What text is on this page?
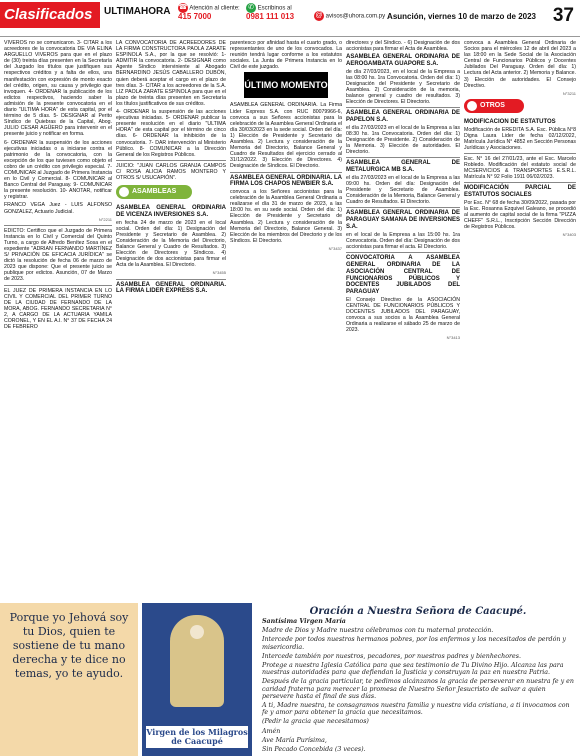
Clasificados	ULTIMAHORA ☎ Atención al cliente:
415 7000
✆ Escribinos al
0981 111 013	@ avisos@uhora.com.py Asunción, viernes 10 de marzo de 2023 37

VIVEROS no se comunicaron. 3- CITAR a los acreedores de la convocatoria DE VIA ELINA ARGUELLO VIVEROS para que en el plazo de (30) treinta días presenten en la Secretaría del Juzgado los títulos que justifiquen sus respectivos créditos y a falta de ellos, una manifestación con expresión de monto exacto del crédito, origen, su causa y privilegio que invoquen. 4- ORDENAR la publicación de los edictos respectivos, haciendo saber la admisión de la presente convocatoria en el diario "ULTIMA HORA" de esta capital, por el término de 5 días. 5- DESIGNAR al Perito Síndico de Quiebras de la Capital, Abog. JULIO CESAR AGÜERO para intervenir en el presente juicio y notificar en forma.

6- ORDENAR la suspensión de los acciones ejecutivas iniciadas o a iniciarse contra el patrimonio de la convocatoria, con la excepción de los que tuviesen como objeto el cobro de un crédito con privilegio especial. 7- COMUNICAR al Juzgado de Primera Instancia en lo Civil y Comercial. 8- COMUNICAR al Banco Central del Paraguay. 9- COMUNICAR la presente resolución. 10- ANOTAR, notificar y registrar.

FRANCO VEGA Juez - LUIS ALFONSO GONZALEZ, Actuario Judicial.

N°2211

EDICTO: Certifico que el Juzgado de Primera Instancia en lo Civil y Comercial del Quinto Turno, a cargo de Alfredo Benítez Sosa en el expediente "ADRIAN FERNANDO MARTÍNEZ S/ PRIVACIÓN DE EFICACIA JURÍDICA" se dictó la resolución de fecha 06 de marzo de 2023 que dispone: Que el presente juicio se publique por edictos. Asunción, 07 de Marzo de 2023.

EL JUEZ DE PRIMERA INSTANCIA EN LO CIVIL Y COMERCIAL DEL PRIMER TURNO DE LA CIUDAD DE FERNANDO DE LA MORA, ABOG. FERNANDO SECRETARIA N° 2, A CARGO DE LA ACTUARIA YAMILA CORONEL, Y EN EL A.I. N° 37 DE FECHA 24 DE FEBRERO

LA CONVOCATORIA DE ACREEDORES DE LA FIRMA CONSTRUCTORA PAOLA ZARATE ESPINOLA S.A., por la que se resolvió: 1- ADMITIR la convocatoria. 2- DESIGNAR como Agente Síndico interviniente al Abogado BERNARDINO JESÚS CABALLERO DUBÓN, quien deberá aceptar el cargo en el plazo de tres días. 3- CITAR a los acreedores de la S.A. LIZ PAOLA ZARATE ESPINOLA para que en el plazo de treinta días presenten en Secretaría los títulos justificativos de sus créditos.

4- ORDENAR la suspensión de las acciones ejecutivas iniciadas. 5- ORDENAR publicar la presente resolución en el diario "ULTIMA HORA" de esta capital por el término de cinco días. 6- ORDENAR la inhibición de la convocatoria. 7- DAR intervención al Ministerio Público. 8- COMUNICAR a la Dirección General de los Registros Públicos.

JUICIO: "JUAN CARLOS GRANJA CAMPOS C/ ROSA ALICIA RAMOS MONTERO Y OTROS S/ USUCAPIÓN".

ASAMBLEAS
ASAMBLEA GENERAL ORDINARIA DE VICENZA INVERSIONES S.A.

en fecha 24 de marzo de 2023 en el local social. Orden del día: 1) Designación del Presidente y Secretario de Asamblea. 2) Consideración de la Memoria del Directorio, Balance General y Cuadro de Resultados. 3) Elección de Directores y Síndicos. 4) Designación de dos accionistas para firmar el Acta de la Asamblea. El Directorio.

N°3455
ASAMBLEA GENERAL ORDINARIA. LA FIRMA LIDER EXPRESS S.A.

parentesco por afinidad hasta el cuarto grado, o representantes de uno de los convocados. La reunión tendrá lugar conforme a los estatutos sociales. La Junta de Primera Instancia en lo Civil de este juzgado.

ÚLTIMO MOMENTO

ASAMBLEA GENERAL ORDINARIA. La Firma Lider Express S.A. con RUC 80079966-6, convoca a sus Señores accionistas para la celebración de la Asamblea General Ordinaria el día 30/03/2023 en la sede social. Orden del día: 1) Elección de Presidente y Secretario de Asamblea. 2) Lectura y consideración de la Memoria del Directorio, Balance General y Cuadro de Resultados del ejercicio cerrado al 31/12/2022. 3) Elección de Directores. 4) Designación de Síndicos. El Directorio.

ASAMBLEA GENERAL ORDINARIA. LA FIRMA LOS CHAPOS NEWBIER S.A.

convoca a los Señores accionistas para la celebración de la Asamblea General Ordinaria a realizarse el día 31 de marzo de 2023, a las 18:00 hs. en su sede social. Orden del día: 1) Elección de Presidente y Secretario de Asamblea. 2) Lectura y consideración de la Memoria del Directorio, Balance General. 3) Elección de los miembros del Directorio y de los Síndicos. El Directorio.

N°3437

directores y del Síndico. - 6) Designación de dos accionistas para firmar el Acta de Asamblea.

ASAMBLEA GENERAL ORDINARIA DE AEROGAMBATA GUAPORE S.A.

de día 27/03/2023, en el local de la Empresa a las 08:00 hs. 1ra Convocatoria. Orden del día: 1) Designación del Presidente y Secretario de Asamblea. 2) Consideración de la memoria, balance general y cuadro de resultados. 3) Elección de Directores. El Directorio.

ASAMBLEA GENERAL ORDINARIA DE PAPELON S.A.

el día 27/03/2023 en el local de la Empresa a las 08:30 hs. 1ra Convocatoria. Orden del día: 1) Designación de Presidente. 2) Consideración de la Memoria. 3) Elección de autoridades. El Directorio.

ASAMBLEA GENERAL DE METALURGICA MB S.A.

el día 27/03/2023 en el local de la Empresa a las 09:00 hs. Orden del día: Designación del Presidente y Secretario de Asamblea. Consideración de la Memoria, Balance General y Cuadro de Resultados. El Directorio.

ASAMBLEA GENERAL ORDINARIA DE PARAGUAY SAMANA DE INVERSIONES S.A.

en el local de la Empresa a las 15:00 hs. 1ra Convocatoria. Orden del día: Designación de dos accionistas para firmar el acta. El Directorio.

CONVOCATORIA A ASAMBLEA GENERAL ORDINARIA DE LA ASOCIACIÓN CENTRAL DE FUNCIONARIOS PÚBLICOS Y DOCENTES JUBILADOS DEL PARAGUAY

El Consejo Directivo de la ASOCIACIÓN CENTRAL DE FUNCIONARIOS PÚBLICOS Y DOCENTES JUBILADOS DEL PARAGUAY, convoca a sus socios a la Asamblea General Ordinaria a realizarse el sábado 25 de marzo de 2023.

N°3413

convoca a Asamblea General Ordinaria de Socios para el miércoles 12 de abril del 2023 a las 18:00 en la Sede Social de la Asociación Central de Funcionarios Públicos y Docentes Jubilados Del Paraguay. Orden del día: 1) Lectura del Acta anterior. 2) Memoria y Balance. 3) Elección de autoridades. El Consejo Directivo.

N°3211
OTROS
MODIFICACION DE ESTATUTOS

Modificación de EREDITA S.A. Esc. Pública N°8 Digna Laura Lider de fecha 02/12/2022, Matrícula Jurídica N° 4852 en Sección Personas Jurídicas y Asociaciones.

Esc. N° 16 del 27/01/23, ante el Esc. Marcelo Robledo. Modificación del estatuto social de MCSERVICIOS & TRANSPORTES E.S.R.L. Matrícula N° 92 Folio 1911 06/02/2023.

MODIFICACIÓN PARCIAL DE ESTATUTOS SOCIALES

Por Esc. N° 68 de fecha 30/09/2022, pasada por la Esc. Rosanna Ezquivel Galeano, se procedió al aumento de capital social de la firma "PIZZA CHEFF" S.R.L., Inscripción Sección Dirección de Registros Públicos.

N°3403
Porque yo Jehová soy tu Dios, quien te sostiene de tu mano derecha y te dice no temas, yo te ayudo.
Virgen de los Milagros de Caacupé
Oración a Nuestra Señora de Caacupé.

Santísima Virgen María

Madre de Dios y Madre nuestra célebramos con tu maternal protección.

Intercede por todos nuestros hermanos pobres, por los enfermos y los necesitados de perdón y misericordia.

Intercede también por nuestros, pecadores, por nuestros padres y bienhechores.

Protege a nuestra Iglesia Católica para que sea testimonio de Tu Divino Hijo. Alcanza las para nuestras autoridades para que defiendan la Justicia y construyan la paz en nuestra Patria.

Después de la gracia particular, te pedimos alcánzanos la gracia de perseverar en nuestra fe y en caridad fraterna para merecer la promesa de Nuestro Señor Jesucristo de salvar a quien persevere hasta el final de sus días.

A ti, Madre nuestra, te consagramos nuestra familia y nuestra vida cristiana, a ti invocamos con fe y amor para obtener la gracia que necesitamos.

(Pedir la gracia que necesitamos)

Amén

Ave María Purísima,

Sin Pecado Concebida (3 veces).
